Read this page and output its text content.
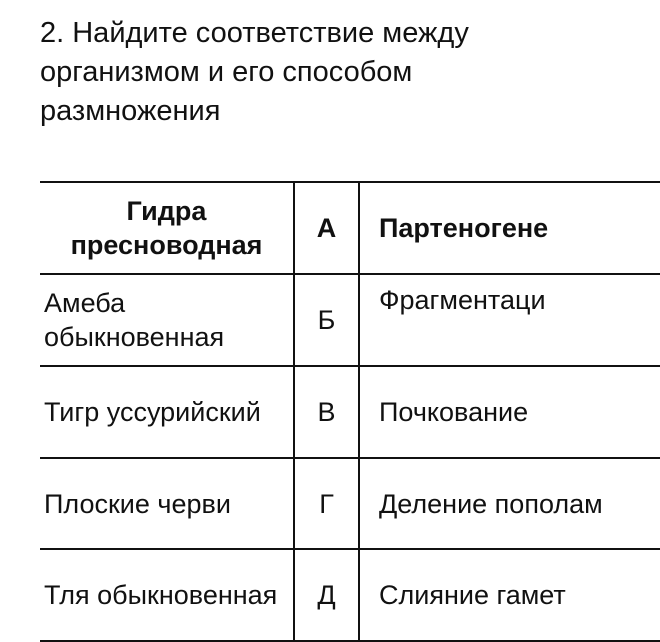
2. Найдите соответствие между организмом и его способом размножения
Гидра пресноводная	А	Партеногене
Амеба обыкновенная	Б	Фрагментаци
Тигр уссурийский	В	Почкование
Плоские черви	Г	Деление пополам
Тля обыкновенная	Д	Слияние гамет
